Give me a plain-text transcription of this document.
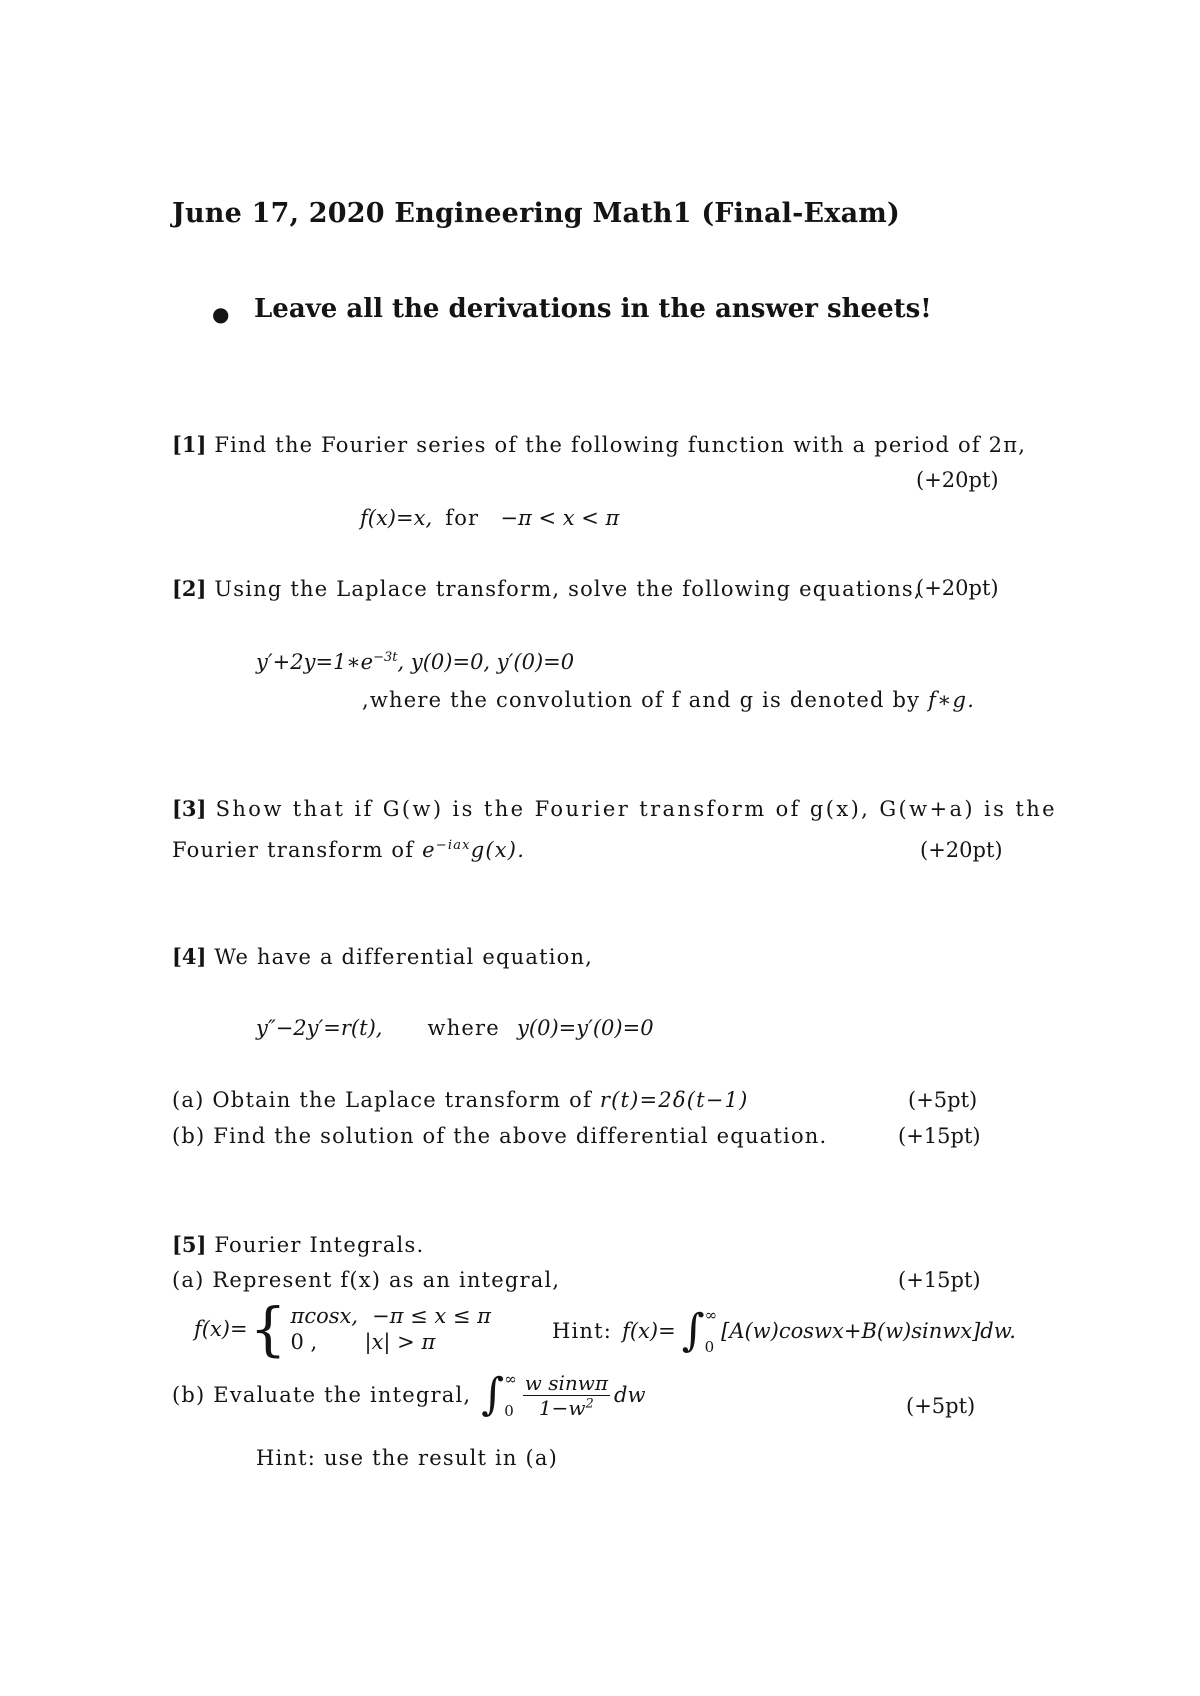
June 17, 2020 Engineering Math1 (Final-Exam)
● Leave all the derivations in the answer sheets!
[1] Find the Fourier series of the following function with a period of 2π,
(+20pt)
f(x)=x, for −π < x < π
[2] Using the Laplace transform, solve the following equations,
(+20pt)
$y'+2y=1∗e^{-3t}$, y(0)=0, y′(0)=0
,where the convolution of f and g is denoted by f∗g.
[3] Show that if G(w) is the Fourier transform of g(x), G(w+a) is the
Fourier transform of $e^{-iax}g(x)$.	(+20pt)
[4] We have a differential equation,
y″−2y′=r(t), where y(0)=y′(0)=0
(a) Obtain the Laplace transform of r(t)=2δ(t−1)	(+5pt)
(b) Find the solution of the above differential equation.	(+15pt)
[5] Fourier Integrals.
(a) Represent f(x) as an integral,	(+15pt)
f(x)= { πcosx, −π ≤ x ≤ π
0 , |x| > π	Hint: f(x)= ∫ ∞
0
[A(w)coswx+B(w)sinwx]dw.
(b) Evaluate the integral, ∫ ∞
$0 \frac{\text{w sinwπ}}{1-w^2}$ dw	(+5pt)
Hint: use the result in (a)
